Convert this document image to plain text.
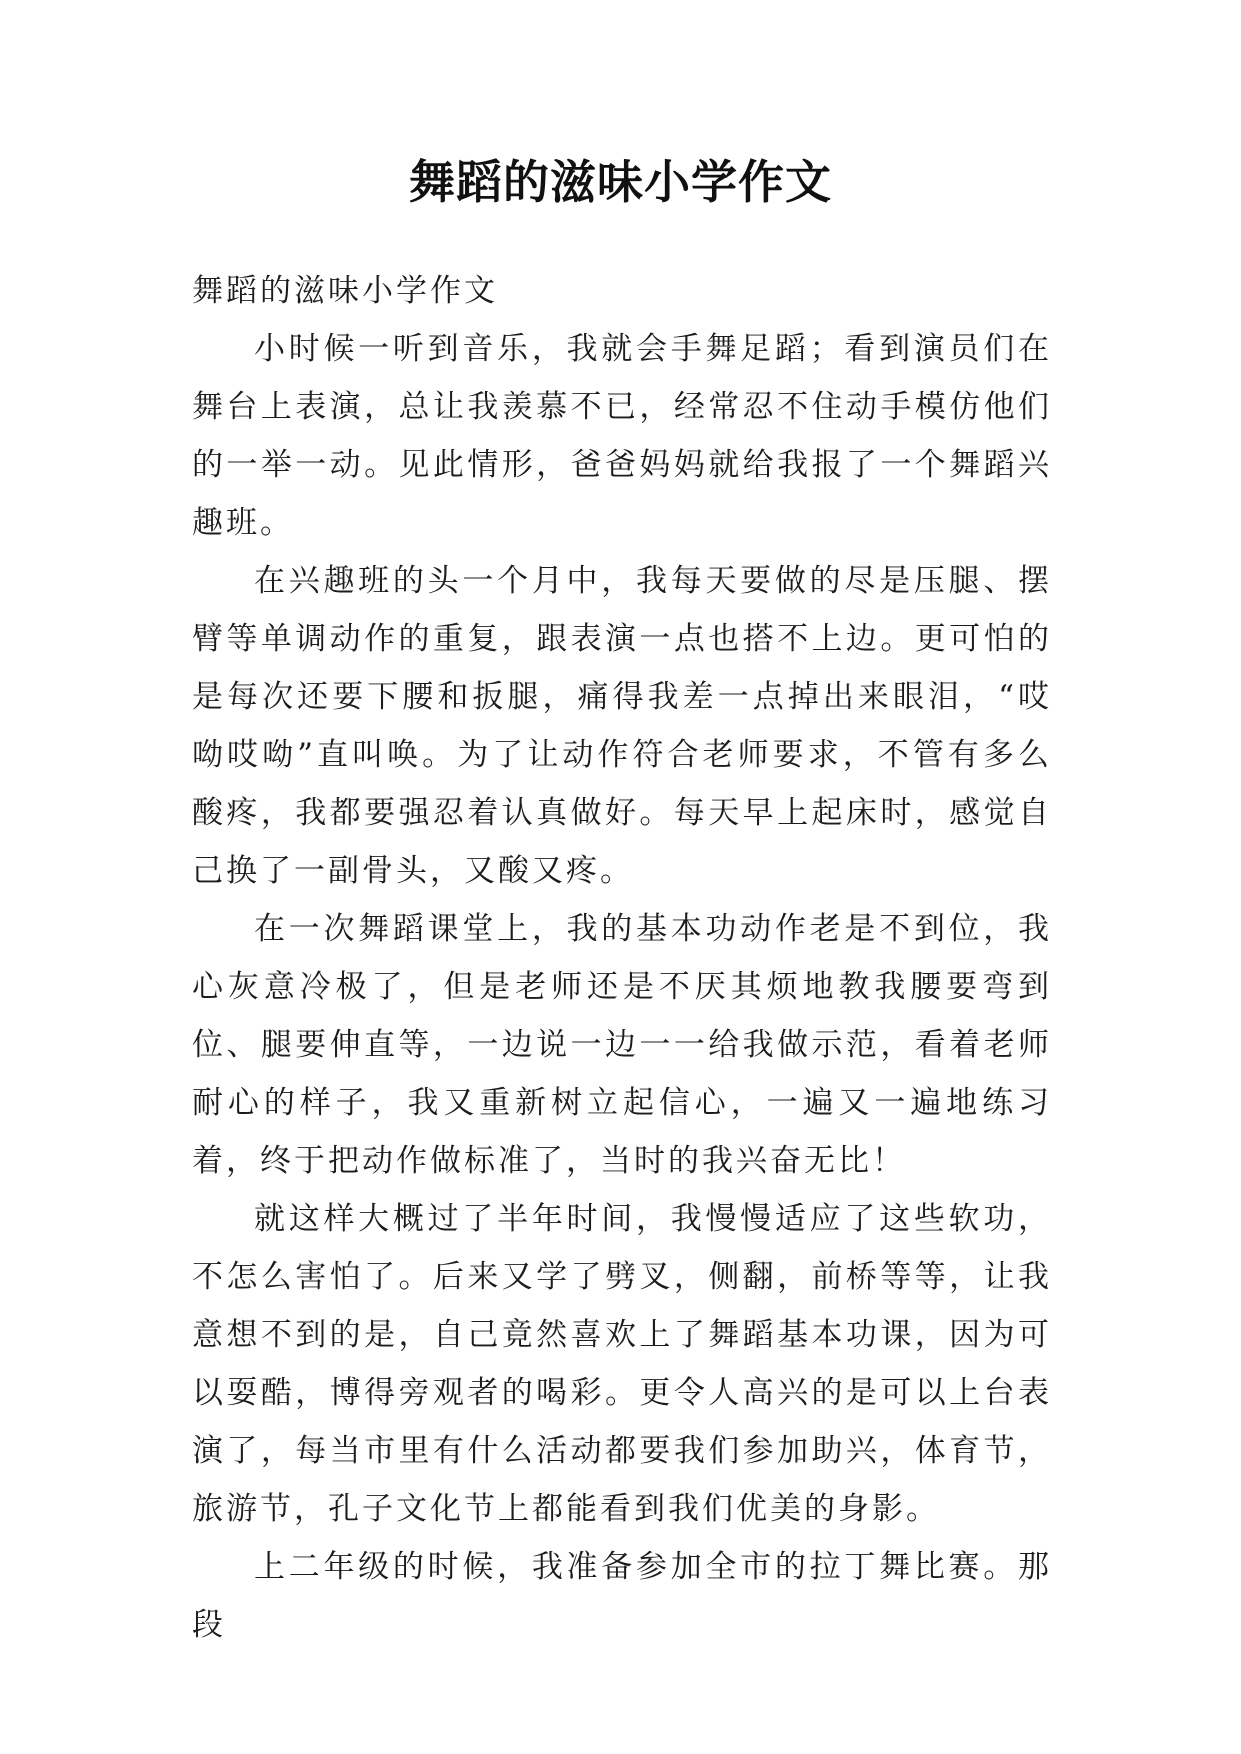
舞蹈的滋味小学作文

舞蹈的滋味小学作文

小时候一听到音乐，我就会手舞足蹈；看到演员们在舞台上表演，总让我羡慕不已，经常忍不住动手模仿他们的一举一动。见此情形，爸爸妈妈就给我报了一个舞蹈兴趣班。

在兴趣班的头一个月中，我每天要做的尽是压腿、摆臂等单调动作的重复，跟表演一点也搭不上边。更可怕的是每次还要下腰和扳腿，痛得我差一点掉出来眼泪，“哎呦哎呦”直叫唤。为了让动作符合老师要求，不管有多么酸疼，我都要强忍着认真做好。每天早上起床时，感觉自己换了一副骨头，又酸又疼。

在一次舞蹈课堂上，我的基本功动作老是不到位，我心灰意冷极了，但是老师还是不厌其烦地教我腰要弯到位、腿要伸直等，一边说一边一一给我做示范，看着老师耐心的样子，我又重新树立起信心，一遍又一遍地练习着，终于把动作做标准了，当时的我兴奋无比！

就这样大概过了半年时间，我慢慢适应了这些软功，不怎么害怕了。后来又学了劈叉，侧翻，前桥等等，让我意想不到的是，自己竟然喜欢上了舞蹈基本功课，因为可以耍酷，博得旁观者的喝彩。更令人高兴的是可以上台表演了，每当市里有什么活动都要我们参加助兴，体育节，旅游节，孔子文化节上都能看到我们优美的身影。

上二年级的时候，我准备参加全市的拉丁舞比赛。那段
